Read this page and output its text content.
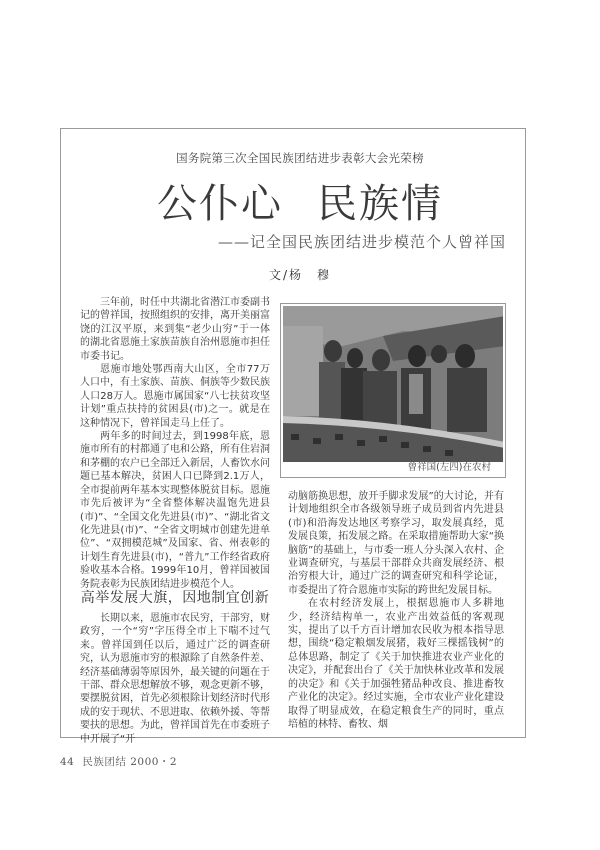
国务院第三次全国民族团结进步表彰大会光荣榜
公仆心 民族情
——记全国民族团结进步模范个人曾祥国
文/杨　穆

三年前，时任中共湖北省潜江市委副书记的曾祥国，按照组织的安排，离开美丽富饶的江汉平原，来到集“老少山穷”于一体的湖北省恩施土家族苗族自治州恩施市担任市委书记。

恩施市地处鄂西南大山区，全市77万人口中，有土家族、苗族、侗族等少数民族人口28万人。恩施市属国家“八七扶贫攻坚计划”重点扶持的贫困县(市)之一。就是在这种情况下，曾祥国走马上任了。

两年多的时间过去，到1998年底，恩施市所有的村都通了电和公路，所有住岩洞和茅棚的农户已全部迁入新居，人畜饮水问题已基本解决，贫困人口已降到2.1万人，全市提前两年基本实现整体脱贫目标。恩施市先后被评为“全省整体解决温饱先进县(市)”、“全国文化先进县(市)”、“湖北省文化先进县(市)”、“全省文明城市创建先进单位”、“双拥模范城”及国家、省、州表彰的计划生育先进县(市)，“普九”工作经省政府验收基本合格。1999年10月，曾祥国被国务院表彰为民族团结进步模范个人。

高举发展大旗，因地制宜创新

长期以来，恩施市农民穷，干部穷，财政穷，一个“穷”字压得全市上下喘不过气来。曾祥国到任以后，通过广泛的调查研究，认为恩施市穷的根源除了自然条件差、经济基础薄弱等原因外，最关键的问题在于干部、群众思想解放不够，观念更新不够，要摆脱贫困，首先必须根除计划经济时代形成的安于现状、不思进取、依赖外援、等帮要扶的思想。为此，曾祥国首先在市委班子中开展了“开

曾祥国(左四)在农村

动脑筋换思想，放开手脚求发展”的大讨论，并有计划地组织全市各级领导班子成员到省内先进县(市)和沿海发达地区考察学习，取发展真经，觅发展良策，拓发展之路。在采取措施帮助大家“换脑筋”的基础上，与市委一班人分头深入农村、企业调查研究，与基层干部群众共商发展经济、根治穷根大计，通过广泛的调查研究和科学论证，市委提出了符合恩施市实际的跨世纪发展目标。

在农村经济发展上，根据恩施市人多耕地少，经济结构单一，农业产出效益低的客观现实，提出了以千方百计增加农民收为根本指导思想，围绕“稳定粮烟发展猪，栽好三棵摇钱树”的总体思路，制定了《关于加快推进农业产业化的决定》，并配套出台了《关于加快林业改革和发展的决定》和《关于加强牲猪品种改良、推进畜牧产业化的决定》。经过实施，全市农业产业化建设取得了明显成效，在稳定粮食生产的同时，重点培植的林特、畜牧、烟

44 民族团结 2000・2
